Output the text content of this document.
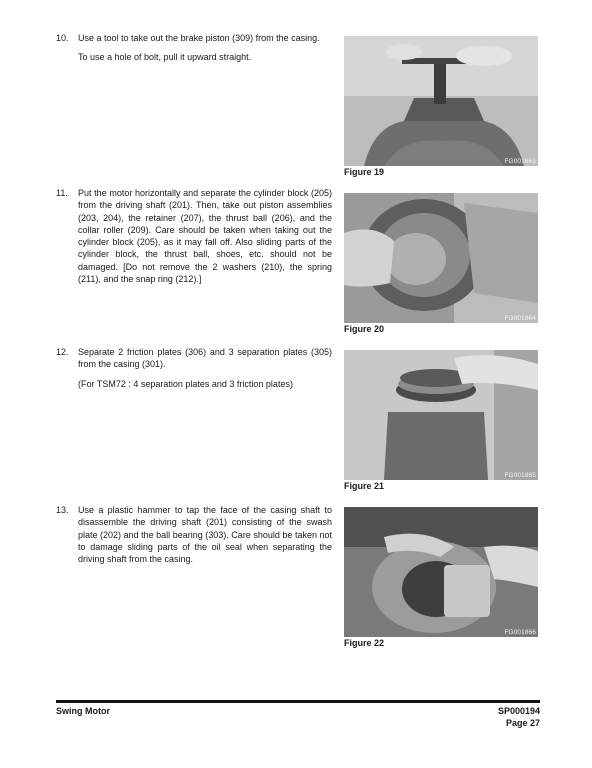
10.	Use a tool to take out the brake piston (309) from the casing.
To use a hole of bolt, pull it upward straight.
FG001863
Figure 19
11.	Put the motor horizontally and separate the cylinder block (205) from the driving shaft (201). Then, take out piston assemblies (203, 204), the retainer (207), the thrust ball (206), and the collar roller (209). Care should be taken when taking out the cylinder block (205), as it may fall off. Also sliding parts of the cylinder block, the thrust ball, shoes, etc. should not be damaged. [Do not remove the 2 washers (210), the spring (211), and the snap ring (212).]
FG001864
Figure 20
12.	Separate 2 friction plates (306) and 3 separation plates (305) from the casing (301).
(For TSM72 : 4 separation plates and 3 friction plates)
FG001865
Figure 21
13.	Use a plastic hammer to tap the face of the casing shaft to disassemble the driving shaft (201) consisting of the swash plate (202) and the ball bearing (303). Care should be taken not to damage sliding parts of the oil seal when separating the driving shaft from the casing.
FG001866
Figure 22
Swing Motor	SP000194
Page 27
